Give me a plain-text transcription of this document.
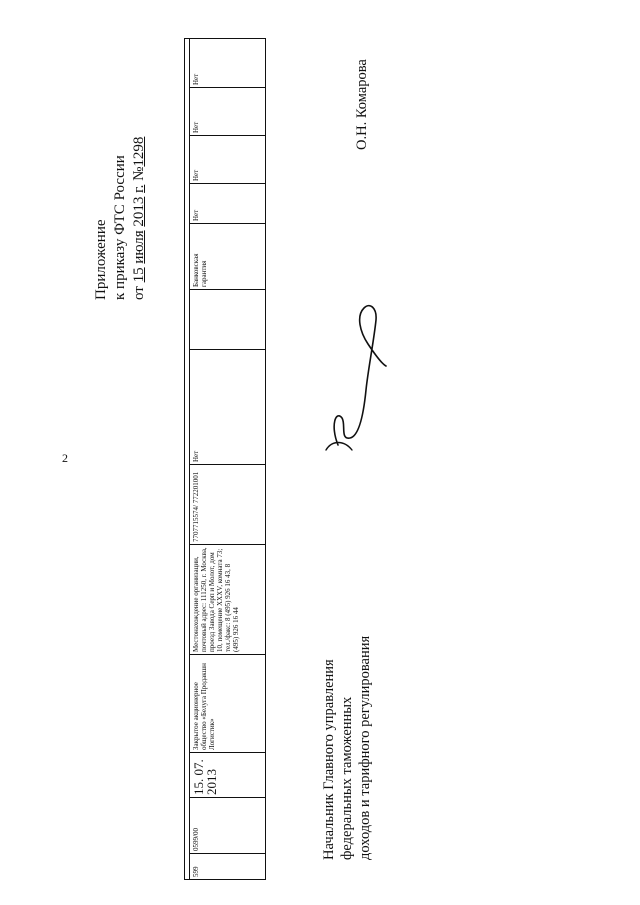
2
Приложение к приказу ФТС России от 15 июля 2013 г. №1298
599
0599/00
15. 07. 2013
Закрытое акционерное общество «Белуга Продакшн Логистик»
Местонахождение организации, почтовый адрес: 111250, г. Москва, проезд Завода Серп и Молот, дом 10, помещение XXXV, комната 73; тел./факс: 8 (495) 926 16 43, 8 (495) 926 16 44
7707715574/ 772201001
Нет
Банковская гарантия
Нет
Нет
Нет
Нет
Начальник Главного управления федеральных таможенных доходов и тарифного регулирования
О.Н. Комарова
